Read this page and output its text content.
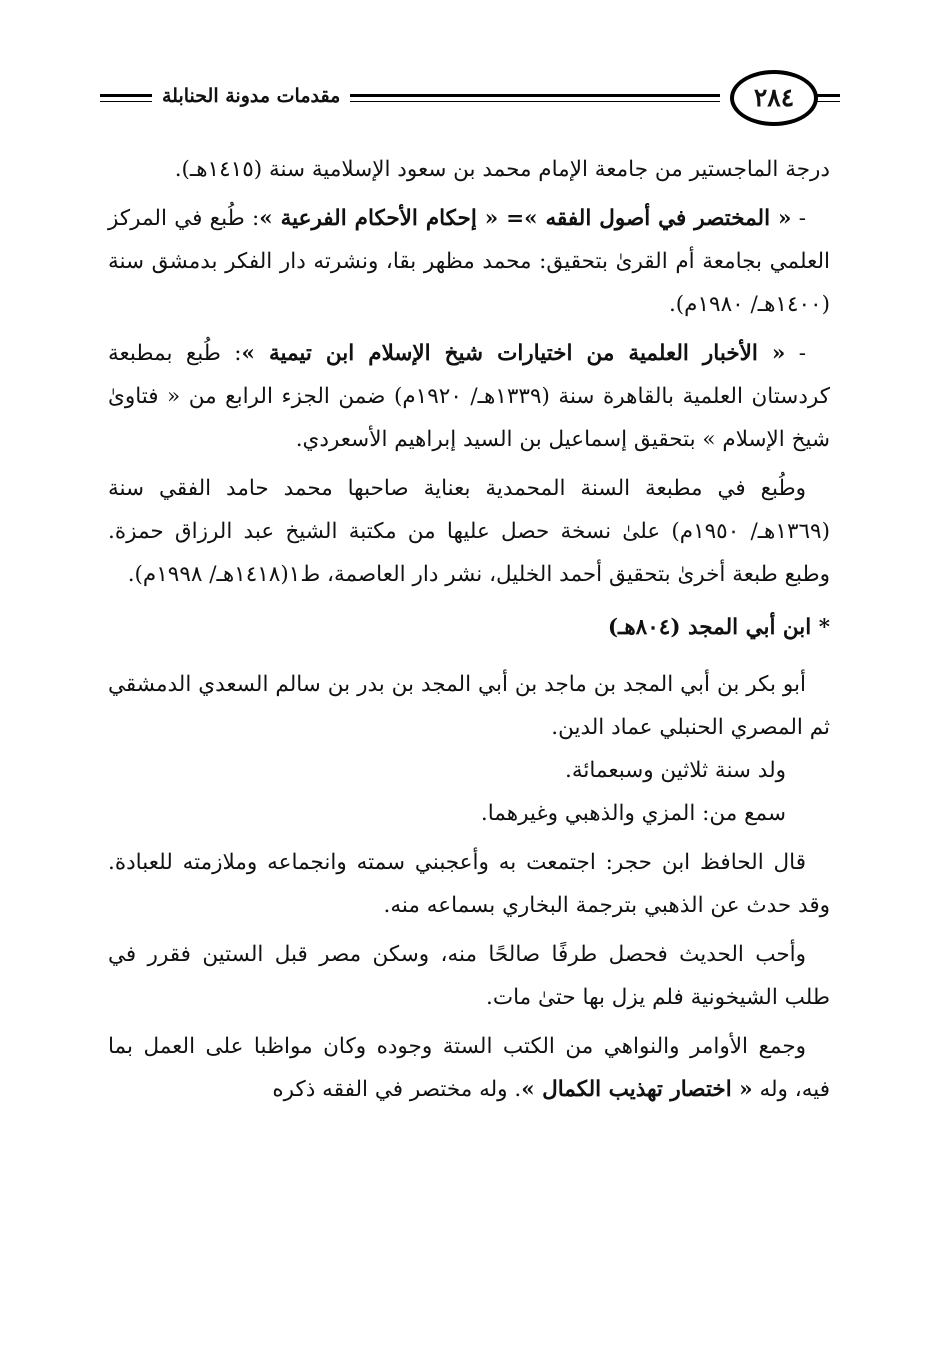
مقدمات مدونة الحنابلة	٢٨٤

درجة الماجستير من جامعة الإمام محمد بن سعود الإسلامية سنة (١٤١٥هـ).

- « المختصر في أصول الفقه »= « إحكام الأحكام الفرعية »: طُبع في المركز العلمي بجامعة أم القرىٰ بتحقيق: محمد مظهر بقا، ونشرته دار الفكر بدمشق سنة (١٤٠٠هـ/ ١٩٨٠م).

- « الأخبار العلمية من اختيارات شيخ الإسلام ابن تيمية »: طُبع بمطبعة كردستان العلمية بالقاهرة سنة (١٣٣٩هـ/ ١٩٢٠م) ضمن الجزء الرابع من « فتاوىٰ شيخ الإسلام » بتحقيق إسماعيل بن السيد إبراهيم الأسعردي.

وطُبع في مطبعة السنة المحمدية بعناية صاحبها محمد حامد الفقي سنة (١٣٦٩هـ/ ١٩٥٠م) علىٰ نسخة حصل عليها من مكتبة الشيخ عبد الرزاق حمزة. وطبع طبعة أخرىٰ بتحقيق أحمد الخليل، نشر دار العاصمة، ط١(١٤١٨هـ/ ١٩٩٨م).

* ابن أبي المجد (٨٠٤هـ)

أبو بكر بن أبي المجد بن ماجد بن أبي المجد بن بدر بن سالم السعدي الدمشقي ثم المصري الحنبلي عماد الدين.

ولد سنة ثلاثين وسبعمائة.

سمع من: المزي والذهبي وغيرهما.

قال الحافظ ابن حجر: اجتمعت به وأعجبني سمته وانجماعه وملازمته للعبادة. وقد حدث عن الذهبي بترجمة البخاري بسماعه منه.

وأحب الحديث فحصل طرفًا صالحًا منه، وسكن مصر قبل الستين فقرر في طلب الشيخونية فلم يزل بها حتىٰ مات.

وجمع الأوامر والنواهي من الكتب الستة وجوده وكان مواظبا على العمل بما فيه، وله « اختصار تهذيب الكمال ». وله مختصر في الفقه ذكره
